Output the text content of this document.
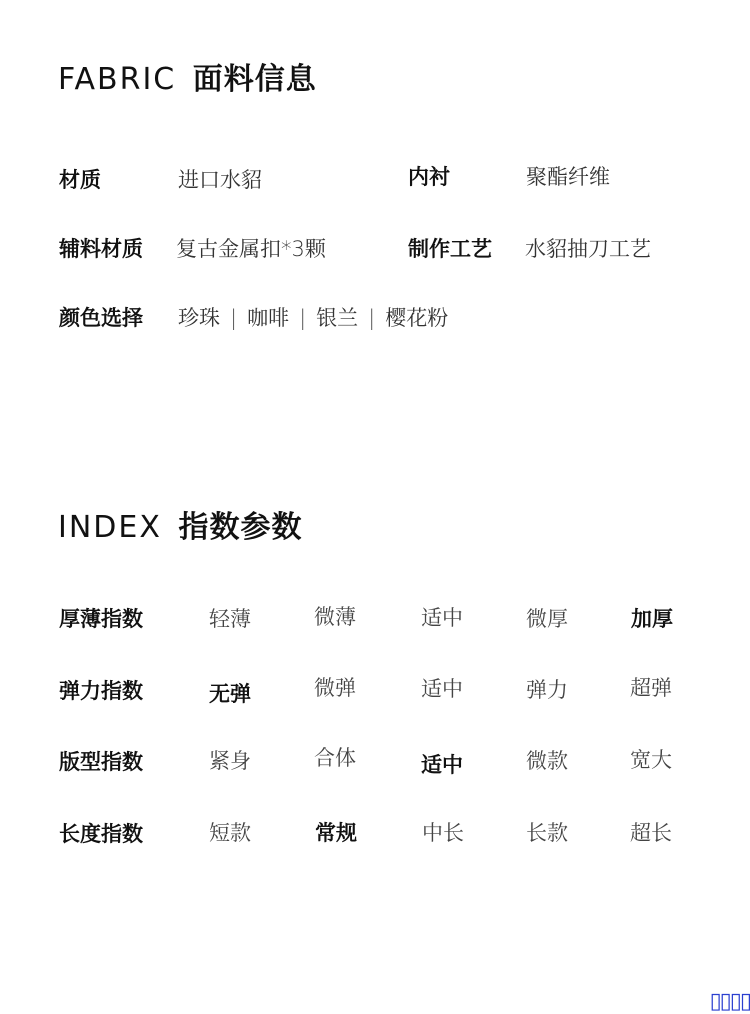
FABRIC 面料信息
材质	进口水貂	内衬	聚酯纤维
辅料材质 复古金属扣*3颗	制作工艺 水貂抽刀工艺
颜色选择 珍珠 | 咖啡 | 银兰 | 樱花粉
INDEX 指数参数
厚薄指数	轻薄	微薄	适中	微厚	加厚
弹力指数	无弹	微弹	适中	弹力	超弹
版型指数	紧身	合体	适中	微款	宽大
长度指数	短款	常规	中长	长款	超长
▯▯▯▯
